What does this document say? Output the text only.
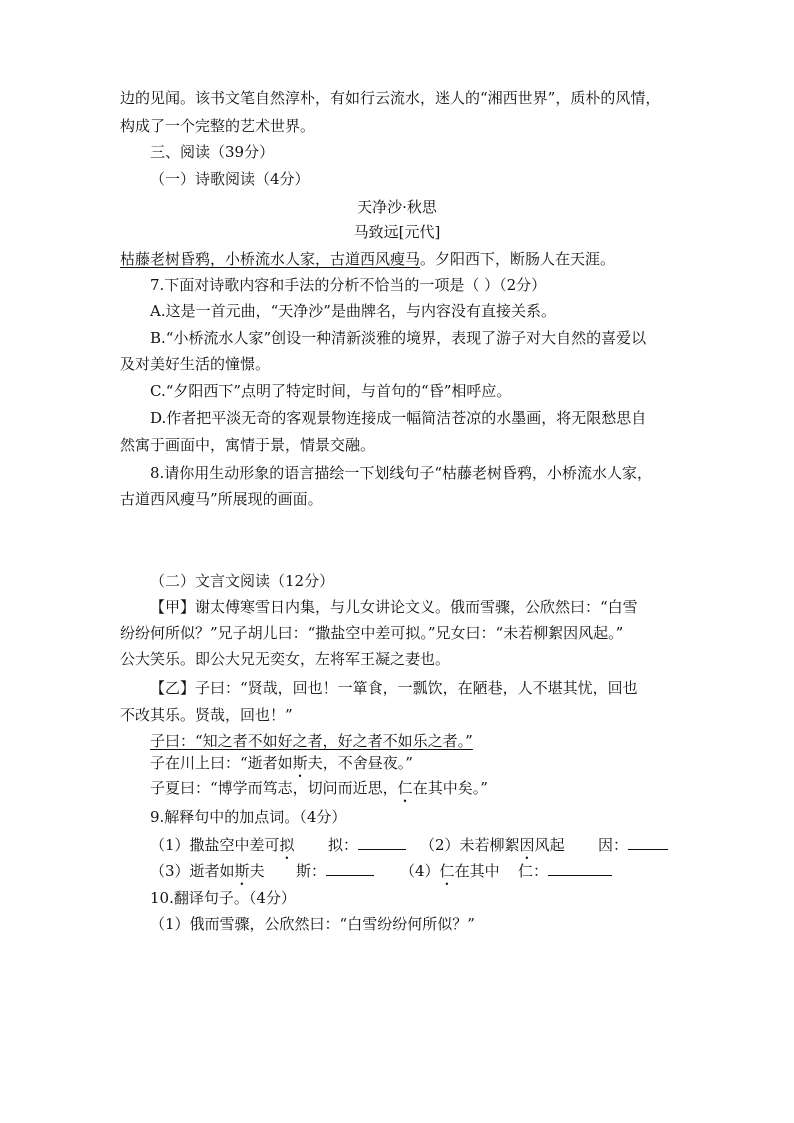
边的见闻。该书文笔自然淳朴，有如行云流水，迷人的“湘西世界”，质朴的风情，
构成了一个完整的艺术世界。
三、阅读（39分）
（一）诗歌阅读（4分）
天净沙·秋思
马致远[元代]
枯藤老树昏鸦，小桥流水人家，古道西风瘦马。夕阳西下，断肠人在天涯。
7.下面对诗歌内容和手法的分析不恰当的一项是（ ）（2分）
A.这是一首元曲，“天净沙”是曲牌名，与内容没有直接关系。
B.“小桥流水人家”创设一种清新淡雅的境界，表现了游子对大自然的喜爱以
及对美好生活的憧憬。
C.“夕阳西下”点明了特定时间，与首句的“昏”相呼应。
D.作者把平淡无奇的客观景物连接成一幅简洁苍凉的水墨画，将无限愁思自
然寓于画面中，寓情于景，情景交融。
8.请你用生动形象的语言描绘一下划线句子“枯藤老树昏鸦，小桥流水人家，
古道西风瘦马”所展现的画面。
（二）文言文阅读（12分）
【甲】谢太傅寒雪日内集，与儿女讲论文义。俄而雪骤，公欣然曰：“白雪
纷纷何所似？”兄子胡儿曰：“撒盐空中差可拟。”兄女曰：“未若柳絮因风起。”
公大笑乐。即公大兄无奕女，左将军王凝之妻也。
【乙】子曰：“贤哉，回也！一箪食，一瓢饮，在陋巷，人不堪其忧，回也
不改其乐。贤哉，回也！”
子曰：“知之者不如好之者，好之者不如乐之者。”
子在川上曰：“逝者如斯夫，不舍昼夜。”
子夏曰：“博学而笃志，切问而近思，仁在其中矣。”
9.解释句中的加点词。（4分）
（1）撒盐空中差可拟 拟：	（2）未若柳絮因风起 因：
（3）逝者如斯夫 斯：	（4）仁在其中 仁：
10.翻译句子。（4分）
（1）俄而雪骤，公欣然曰：“白雪纷纷何所似？”
